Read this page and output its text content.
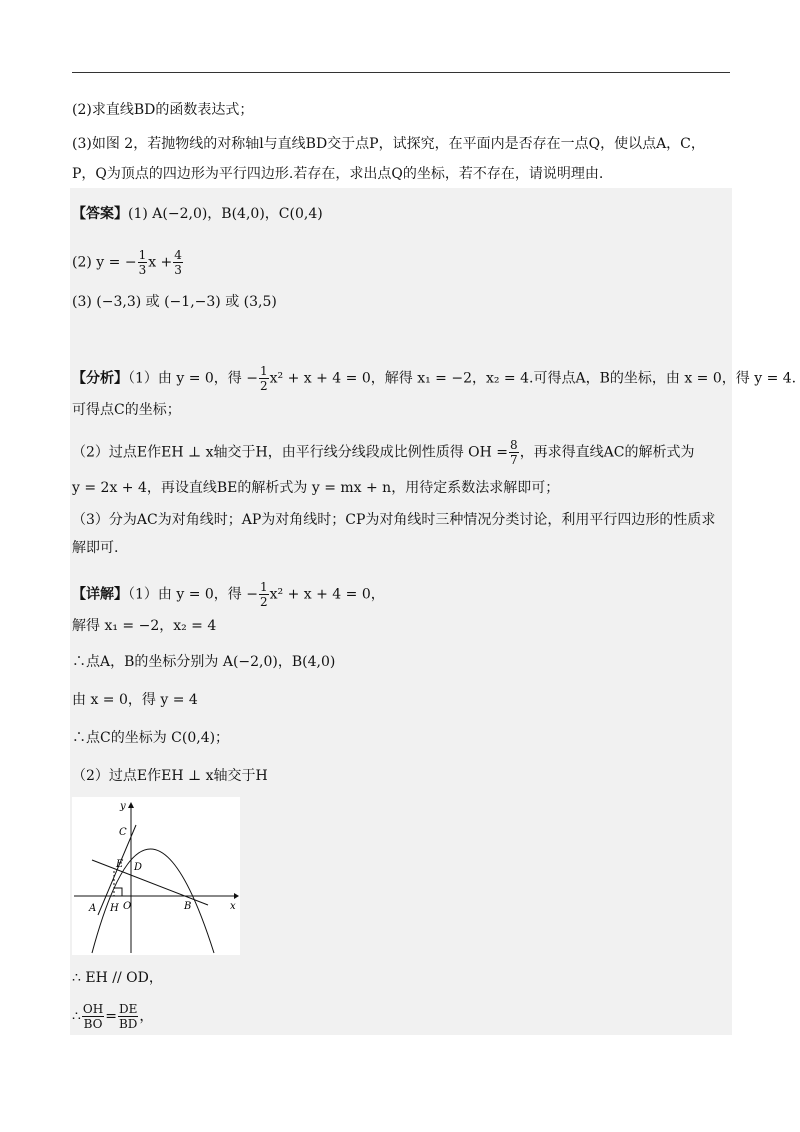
(2)求直线BD的函数表达式；
(3)如图 2，若抛物线的对称轴l与直线BD交于点P，试探究，在平面内是否存在一点Q，使以点A，C，
P，Q为顶点的四边形为平行四边形.若存在，求出点Q的坐标，若不存在，请说明理由.
【答案】(1) A(−2,0)，B(4,0)，C(0,4)
(2) y = − $\frac{1}{3}$ $x + \frac{4}{3}$
(3) (−3,3) 或 (−1,−3) 或 (3,5)
【分析】（1）由 y = 0，得 − $\frac{1}{2} x^2 + x + 4 = 0$，解得 x₁ = −2，x₂ = 4.可得点A，B的坐标，由 x = 0，得 y = 4.
可得点C的坐标；
（2）过点E作EH ⊥ x轴交于H，由平行线分线段成比例性质得 OH = $\frac{8}{7}$ ，再求得直线AC的解析式为
y = 2x + 4，再设直线BE的解析式为 y = mx + n，用待定系数法求解即可；
（3）分为AC为对角线时；AP为对角线时；CP为对角线时三种情况分类讨论，利用平行四边形的性质求
解即可.
【详解】（1）由 y = 0，得 − $\frac{1}{2} x^2 + x + 4 = 0$，
解得 x₁ = −2，x₂ = 4
∴点A，B的坐标分别为 A(−2,0)，B(4,0)
由 x = 0，得 y = 4
∴点C的坐标为 C(0,4)；
（2）过点E作EH ⊥ x轴交于H
y
x
C
E D
A H O	B
∴ EH // OD，
∴ $\frac{OH}{BO} = \frac{DE}{BD}$ ，
